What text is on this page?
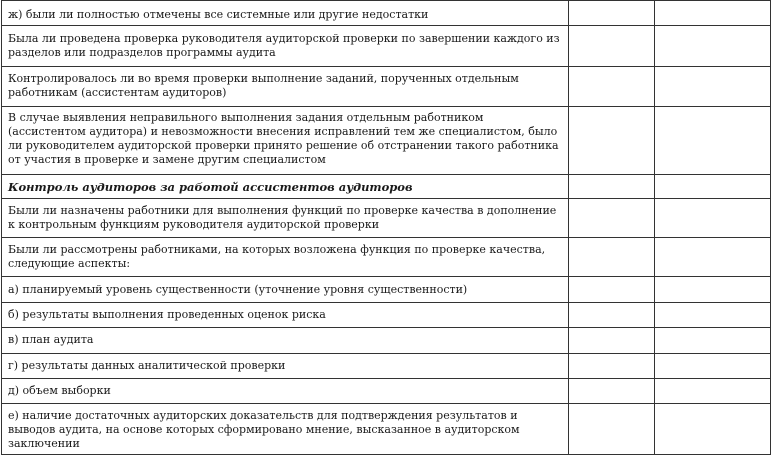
ж) были ли полностью отмечены все системные или другие недостатки		
Была ли проведена проверка руководителя аудиторской проверки по завершении каждого из разделов или подразделов программы аудита		
Контролировалось ли во время проверки выполнение заданий, порученных отдельным работникам (ассистентам аудиторов)		
В случае выявления неправильного выполнения задания отдельным работником (ассистентом аудитора) и невозможности внесения исправлений тем же специалистом, было ли руководителем аудиторской проверки принято решение об отстранении такого работника от участия в проверке и замене другим специалистом		
Контроль аудиторов за работой ассистентов аудиторов		
Были ли назначены работники для выполнения функций по проверке качества в дополнение к контрольным функциям руководителя аудиторской проверки		
Были ли рассмотрены работниками, на которых возложена функция по проверке качества, следующие аспекты:		
а) планируемый уровень существенности (уточнение уровня существенности)		
б) результаты выполнения проведенных оценок риска		
в) план аудита		
г) результаты данных аналитической проверки		
д) объем выборки		
е) наличие достаточных аудиторских доказательств для подтверждения результатов и выводов аудита, на основе которых сформировано мнение, высказанное в аудиторском заключении		
